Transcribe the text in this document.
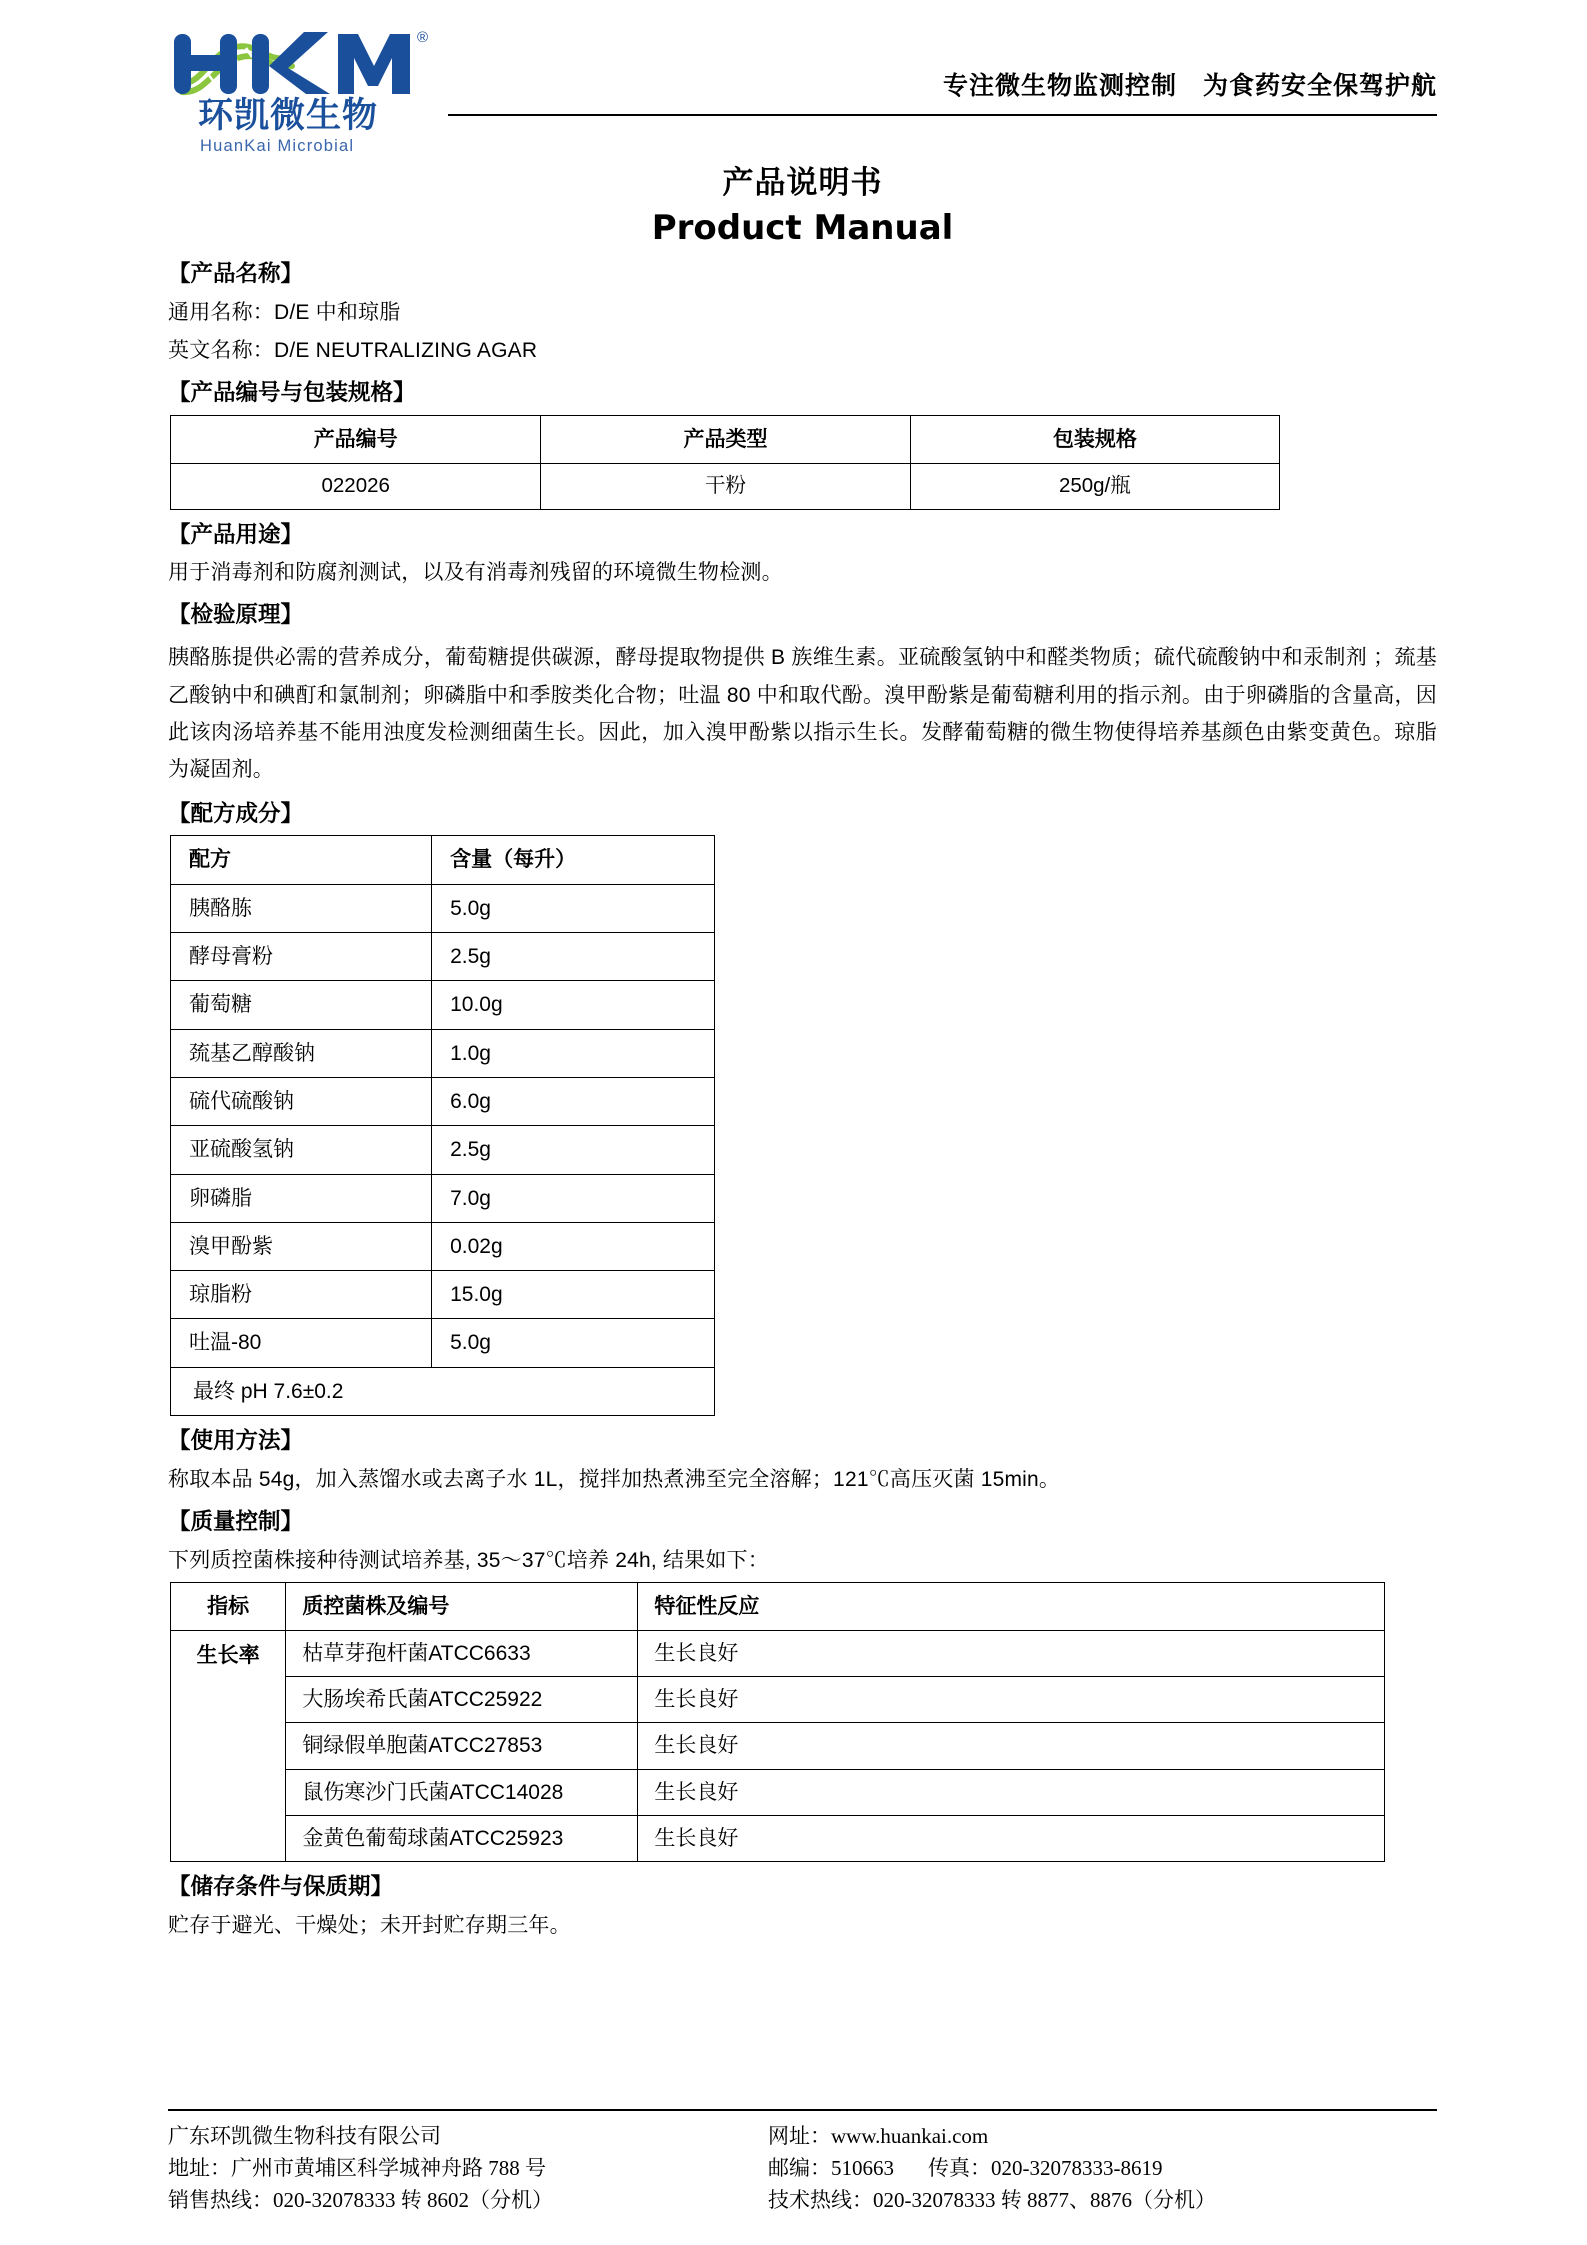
®
环凯微生物
HuanKai Microbial
专注微生物监测控制　为食药安全保驾护航
产品说明书
Product Manual
【产品名称】
通用名称：D/E 中和琼脂
英文名称：D/E NEUTRALIZING AGAR
【产品编号与包装规格】
产品编号	产品类型	包装规格
022026	干粉	250g/瓶
【产品用途】
用于消毒剂和防腐剂测试，以及有消毒剂残留的环境微生物检测。
【检验原理】
胰酪胨提供必需的营养成分，葡萄糖提供碳源，酵母提取物提供 B 族维生素。亚硫酸氢钠中和醛类物质；硫代硫酸钠中和汞制剂 ；巯基乙酸钠中和碘酊和氯制剂；卵磷脂中和季胺类化合物；吐温 80 中和取代酚。溴甲酚紫是葡萄糖利用的指示剂。由于卵磷脂的含量高，因此该肉汤培养基不能用浊度发检测细菌生长。因此，加入溴甲酚紫以指示生长。发酵葡萄糖的微生物使得培养基颜色由紫变黄色。琼脂为凝固剂。
【配方成分】
配方	含量（每升）
胰酪胨	5.0g
酵母膏粉	2.5g
葡萄糖	10.0g
巯基乙醇酸钠	1.0g
硫代硫酸钠	6.0g
亚硫酸氢钠	2.5g
卵磷脂	7.0g
溴甲酚紫	0.02g
琼脂粉	15.0g
吐温-80	5.0g
最终 pH 7.6±0.2	
【使用方法】
称取本品 54g，加入蒸馏水或去离子水 1L，搅拌加热煮沸至完全溶解；121℃高压灭菌 15min。
【质量控制】
下列质控菌株接种待测试培养基, 35～37℃培养 24h, 结果如下：
指标	质控菌株及编号	特征性反应
生长率	枯草芽孢杆菌ATCC6633	生长良好
	大肠埃希氏菌ATCC25922	生长良好
	铜绿假单胞菌ATCC27853	生长良好
	鼠伤寒沙门氏菌ATCC14028	生长良好
	金黄色葡萄球菌ATCC25923	生长良好
【储存条件与保质期】
贮存于避光、干燥处；未开封贮存期三年。
广东环凯微生物科技有限公司
地址：广州市黄埔区科学城神舟路 788 号
销售热线：020-32078333 转 8602（分机）
网址：www.huankai.com
邮编：510663 传真：020-32078333-8619
技术热线：020-32078333 转 8877、8876（分机）
